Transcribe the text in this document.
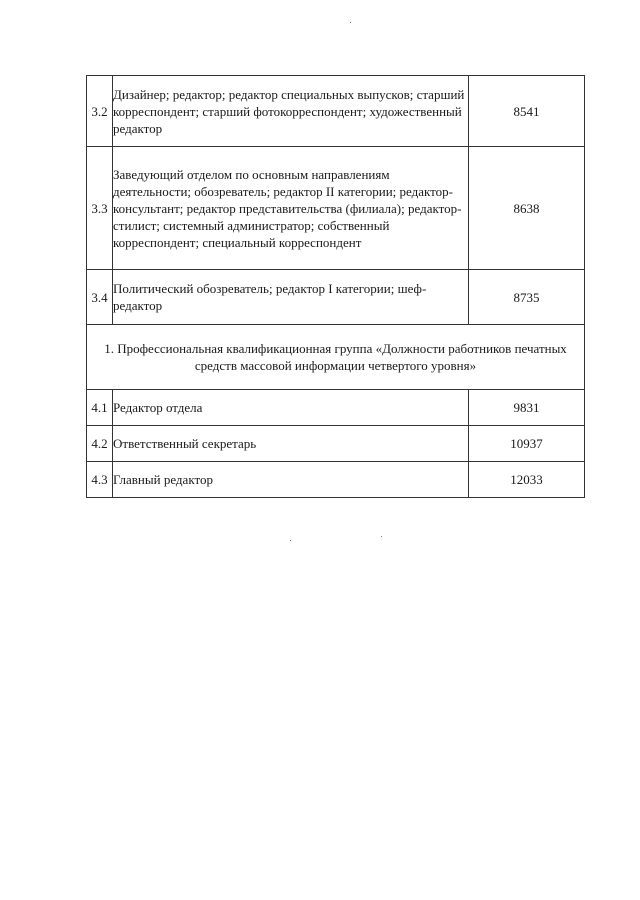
3.2	Дизайнер; редактор; редактор специальных выпусков; старший корреспондент; старший фотокорреспондент; художественный редактор	8541
3.3	Заведующий отделом по основным направлениям деятельности; обозреватель; редактор II категории; редактор-консультант; редактор представительства (филиала); редактор-стилист; системный администратор; собственный корреспондент; специальный корреспондент	8638
3.4	Политический обозреватель; редактор I категории; шеф-редактор	8735
1. Профессиональная квалификационная группа «Должности работников печатных средств массовой информации четвертого уровня»		
4.1	Редактор отдела	9831
4.2	Ответственный секретарь	10937
4.3	Главный редактор	12033
